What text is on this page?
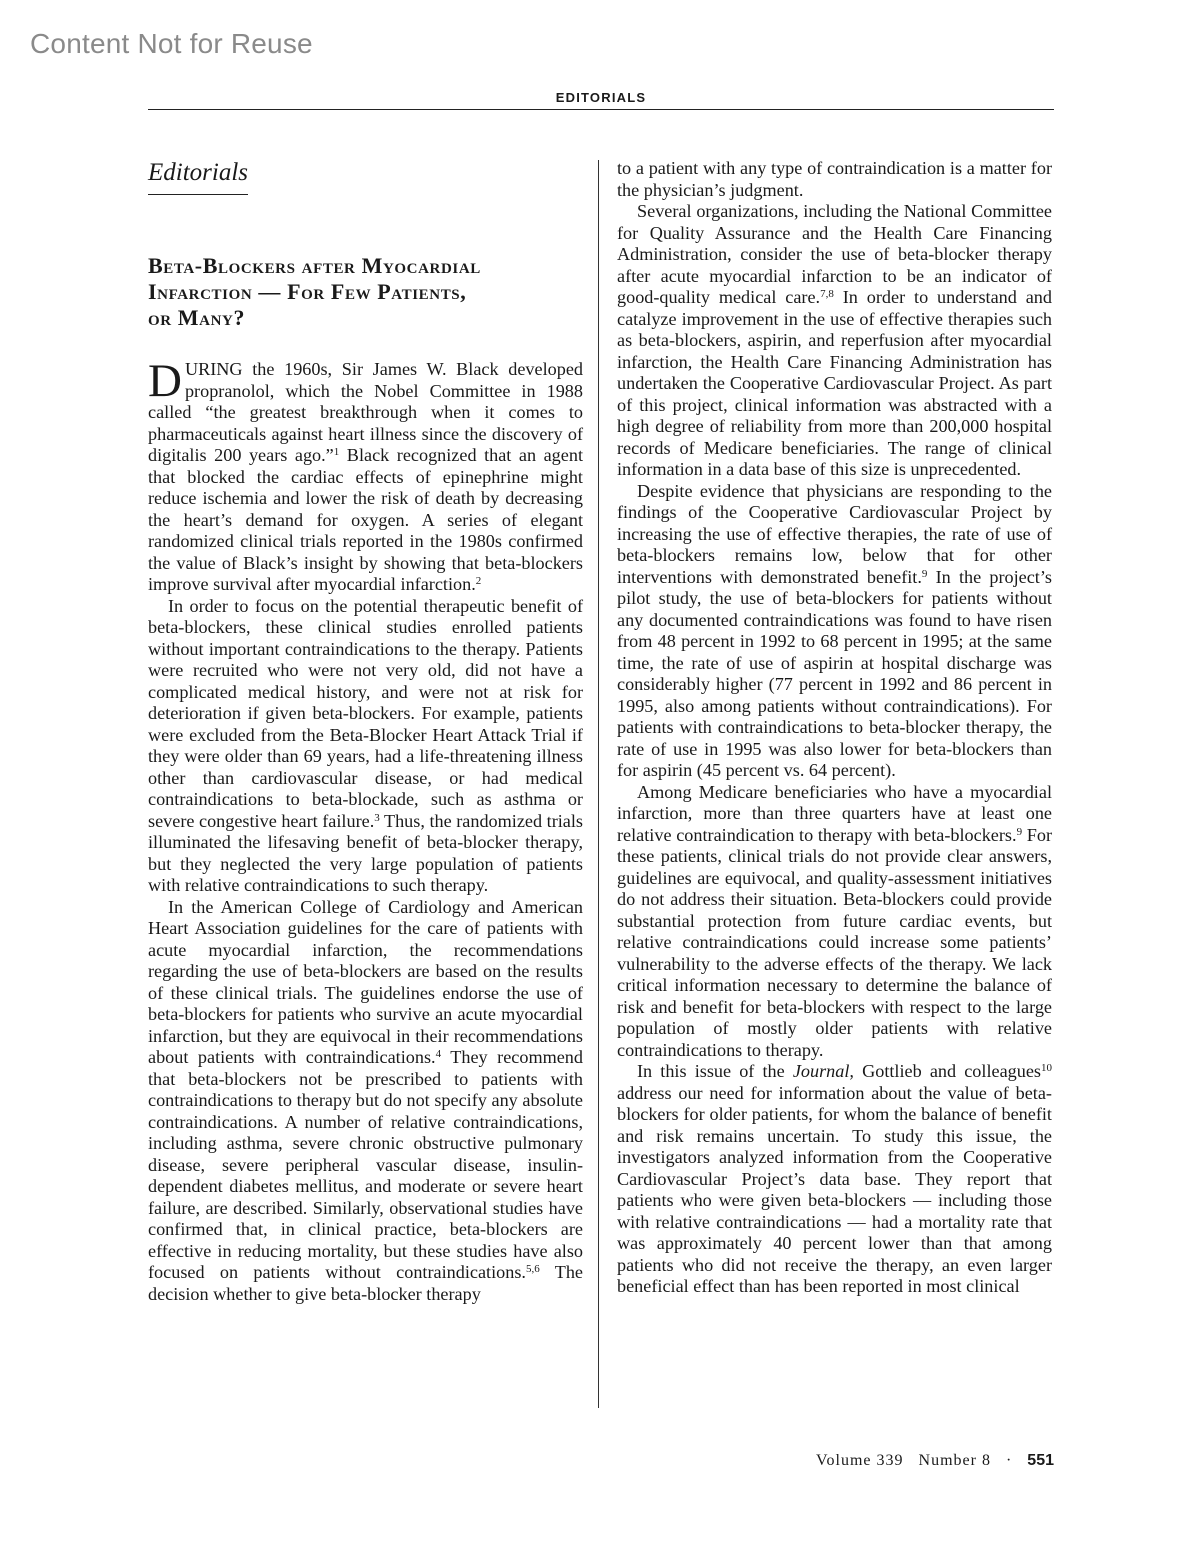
Content Not for Reuse
EDITORIALS
Editorials
Beta-Blockers after Myocardial
Infarction — For Few Patients,
or Many?

DURING the 1960s, Sir James W. Black developed propranolol, which the Nobel Committee in 1988 called “the greatest breakthrough when it comes to pharmaceuticals against heart illness since the discovery of digitalis 200 years ago.”$^1$ Black recognized that an agent that blocked the cardiac effects of epinephrine might reduce ischemia and lower the risk of death by decreasing the heart’s demand for oxygen. A series of elegant randomized clinical trials reported in the 1980s confirmed the value of Black’s insight by showing that beta-blockers improve survival after myocardial infarction.$^2$

In order to focus on the potential therapeutic benefit of beta-blockers, these clinical studies enrolled patients without important contraindications to the therapy. Patients were recruited who were not very old, did not have a complicated medical history, and were not at risk for deterioration if given beta-blockers. For example, patients were excluded from the Beta-Blocker Heart Attack Trial if they were older than 69 years, had a life-threatening illness other than cardiovascular disease, or had medical contraindications to beta-blockade, such as asthma or severe congestive heart failure.$^3$ Thus, the randomized trials illuminated the lifesaving benefit of beta-blocker therapy, but they neglected the very large population of patients with relative contraindications to such therapy.

In the American College of Cardiology and American Heart Association guidelines for the care of patients with acute myocardial infarction, the recommendations regarding the use of beta-blockers are based on the results of these clinical trials. The guidelines endorse the use of beta-blockers for patients who survive an acute myocardial infarction, but they are equivocal in their recommendations about patients with contraindications.$^4$ They recommend that beta-blockers not be prescribed to patients with contraindications to therapy but do not specify any absolute contraindications. A number of relative contraindications, including asthma, severe chronic obstructive pulmonary disease, severe peripheral vascular disease, insulin-dependent diabetes mellitus, and moderate or severe heart failure, are described. Similarly, observational studies have confirmed that, in clinical practice, beta-blockers are effective in reducing mortality, but these studies have also focused on patients without contraindications.$^{5,6}$ The decision whether to give beta-blocker therapy

to a patient with any type of contraindication is a matter for the physician’s judgment.

Several organizations, including the National Committee for Quality Assurance and the Health Care Financing Administration, consider the use of beta-blocker therapy after acute myocardial infarction to be an indicator of good-quality medical care.$^{7,8}$ In order to understand and catalyze improvement in the use of effective therapies such as beta-blockers, aspirin, and reperfusion after myocardial infarction, the Health Care Financing Administration has undertaken the Cooperative Cardiovascular Project. As part of this project, clinical information was abstracted with a high degree of reliability from more than 200,000 hospital records of Medicare beneficiaries. The range of clinical information in a data base of this size is unprecedented.

Despite evidence that physicians are responding to the findings of the Cooperative Cardiovascular Project by increasing the use of effective therapies, the rate of use of beta-blockers remains low, below that for other interventions with demonstrated benefit.$^9$ In the project’s pilot study, the use of beta-blockers for patients without any documented contraindications was found to have risen from 48 percent in 1992 to 68 percent in 1995; at the same time, the rate of use of aspirin at hospital discharge was considerably higher (77 percent in 1992 and 86 percent in 1995, also among patients without contraindications). For patients with contraindications to beta-blocker therapy, the rate of use in 1995 was also lower for beta-blockers than for aspirin (45 percent vs. 64 percent).

Among Medicare beneficiaries who have a myocardial infarction, more than three quarters have at least one relative contraindication to therapy with beta-blockers.$^9$ For these patients, clinical trials do not provide clear answers, guidelines are equivocal, and quality-assessment initiatives do not address their situation. Beta-blockers could provide substantial protection from future cardiac events, but relative contraindications could increase some patients’ vulnerability to the adverse effects of the therapy. We lack critical information necessary to determine the balance of risk and benefit for beta-blockers with respect to the large population of mostly older patients with relative contraindications to therapy.

In this issue of the Journal, Gottlieb and colleagues$^{10}$ address our need for information about the value of beta-blockers for older patients, for whom the balance of benefit and risk remains uncertain. To study this issue, the investigators analyzed information from the Cooperative Cardiovascular Project’s data base. They report that patients who were given beta-blockers — including those with relative contraindications — had a mortality rate that was approximately 40 percent lower than that among patients who did not receive the therapy, an even larger beneficial effect than has been reported in most clinical

Volume 339 Number 8 · 551
